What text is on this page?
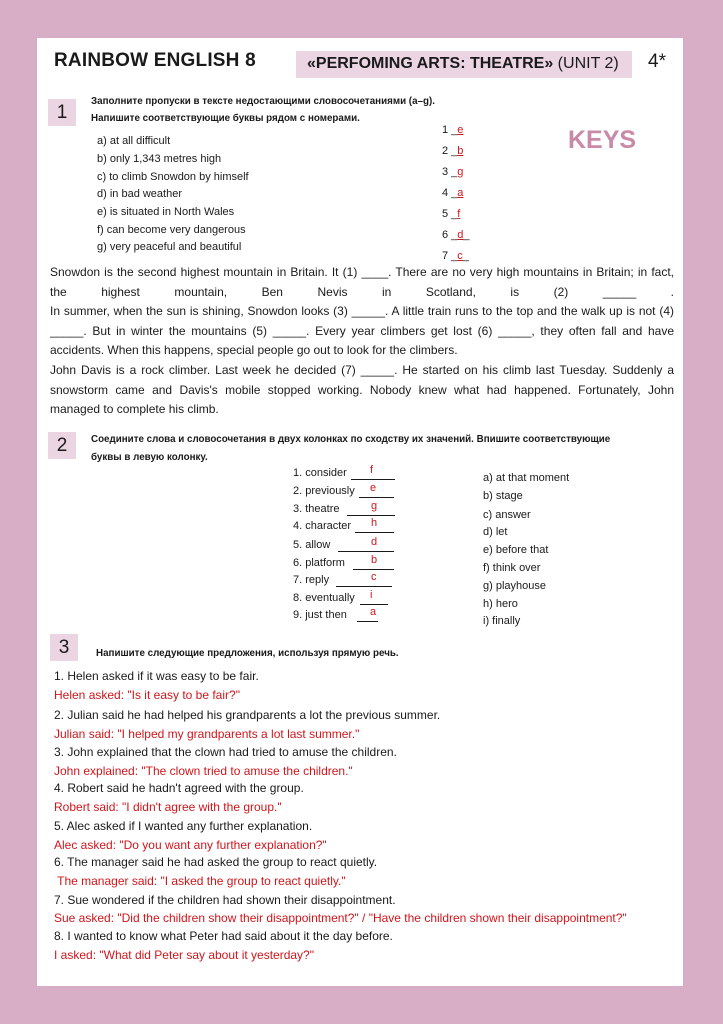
RAINBOW ENGLISH 8	«PERFOMING ARTS: THEATRE» (UNIT 2) 4*
1
Заполните пропуски в тексте недостающими словосочетаниями (a–g).
Напишите соответствующие буквы рядом с номерами.
a) at all difficult
b) only 1,343 metres high
c) to climb Snowdon by himself
d) in bad weather
e) is situated in North Wales
f) can become very dangerous
g) very peaceful and beautiful
KEYS
1 _e
2 _b
3 _g
4 _a
5 _f
6 _d_
7 _c_

Snowdon is the second highest mountain in Britain. It (1) ____. There are no very high mountains in Britain; in fact, the highest mountain, Ben Nevis in Scotland, is (2) _____ .

In summer, when the sun is shining, Snowdon looks (3) _____. A little train runs to the top and the walk up is not (4) _____. But in winter the mountains (5) _____. Every year climbers get lost (6) _____, they often fall and have accidents. When this happens, special people go out to look for the climbers.

John Davis is a rock climber. Last week he decided (7) _____. He started on his climb last Tuesday. Suddenly a snowstorm came and Davis's mobile stopped working. Nobody knew what had happened. Fortunately, John managed to complete his climb.

2	Соедините слова и словосочетания в двух колонках по сходству их значений. Впишите соответствующие
буквы в левую колонку.
1. consider f
2. previously e
3. theatre	g
4. character h
5. allow	d
6. platform b
7. reply	c
8. eventually i
9. just then a
a) at that moment
b) stage
c) answer
d) let
e) before that
f) think over
g) playhouse
h) hero
i) finally
3	Напишите следующие предложения, используя прямую речь.
1. Helen asked if it was easy to be fair.
Helen asked: "Is it easy to be fair?"
2. Julian said he had helped his grandparents a lot the previous summer.
Julian said: "I helped my grandparents a lot last summer."
3. John explained that the clown had tried to amuse the children.
John explained: "The clown tried to amuse the children."
4. Robert said he hadn't agreed with the group.
Robert said: "I didn't agree with the group."
5. Alec asked if I wanted any further explanation.
Alec asked: "Do you want any further explanation?"
6. The manager said he had asked the group to react quietly.
The manager said: "I asked the group to react quietly."
7. Sue wondered if the children had shown their disappointment.
Sue asked: "Did the children show their disappointment?" / "Have the children shown their disappointment?"
8. I wanted to know what Peter had said about it the day before.
I asked: "What did Peter say about it yesterday?"
